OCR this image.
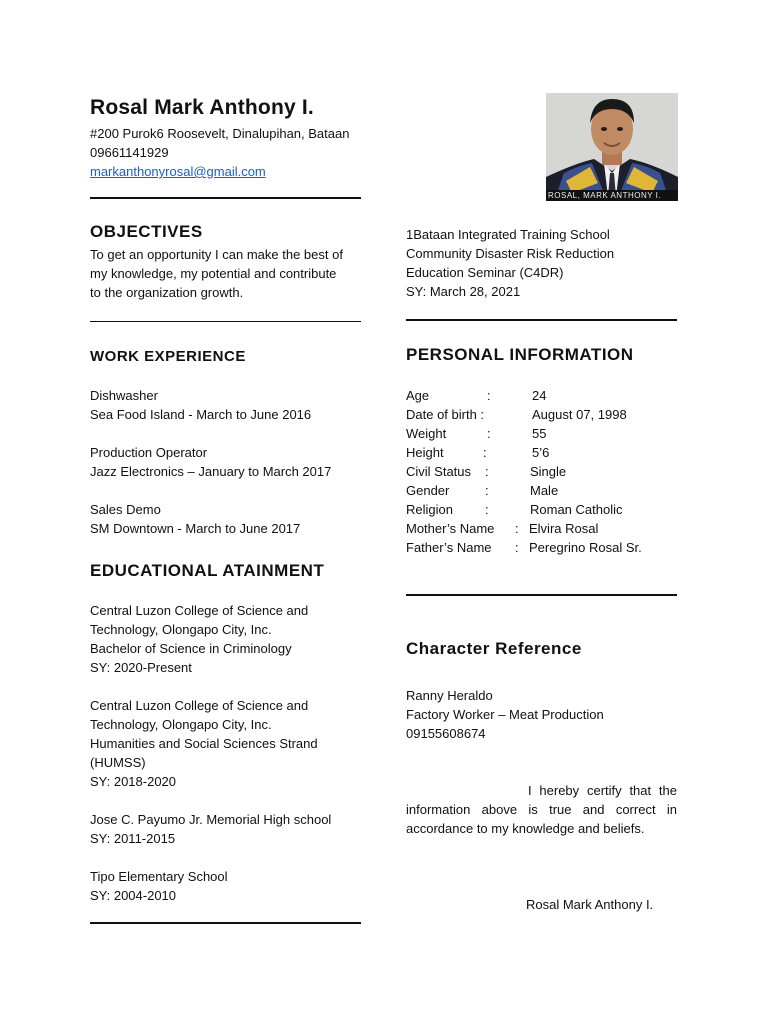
Rosal Mark Anthony I.
#200 Purok6 Roosevelt, Dinalupihan, Bataan
09661141929
markanthonyrosal@gmail.com
ROSAL, MARK ANTHONY I.
OBJECTIVES
To get an opportunity I can make the best of
my knowledge, my potential and contribute
to the organization growth.
WORK EXPERIENCE
Dishwasher
Sea Food Island - March to June 2016
Production Operator
Jazz Electronics – January to March 2017
Sales Demo
SM Downtown - March to June 2017
EDUCATIONAL ATAINMENT
Central Luzon College of Science and
Technology, Olongapo City, Inc.
Bachelor of Science in Criminology
SY: 2020-Present
Central Luzon College of Science and
Technology, Olongapo City, Inc.
Humanities and Social Sciences Strand
(HUMSS)
SY: 2018-2020
Jose C. Payumo Jr. Memorial High school
SY: 2011-2015
Tipo Elementary School
SY: 2004-2010
1Bataan Integrated Training School
Community Disaster Risk Reduction
Education Seminar (C4DR)
SY: March 28, 2021
PERSONAL INFORMATION
Age	:	24
Date of birth :	August 07, 1998
Weight	:	55
Height	:	5’6
Civil Status :	Single
Gender	:	Male
Religion :	Roman Catholic
Mother’s Name : Elvira Rosal
Father’s Name : Peregrino Rosal Sr.
Character Reference
Ranny Heraldo
Factory Worker – Meat Production
09155608674
I hereby certify that the information above is true and correct in accordance to my knowledge and beliefs.
Rosal Mark Anthony I.
